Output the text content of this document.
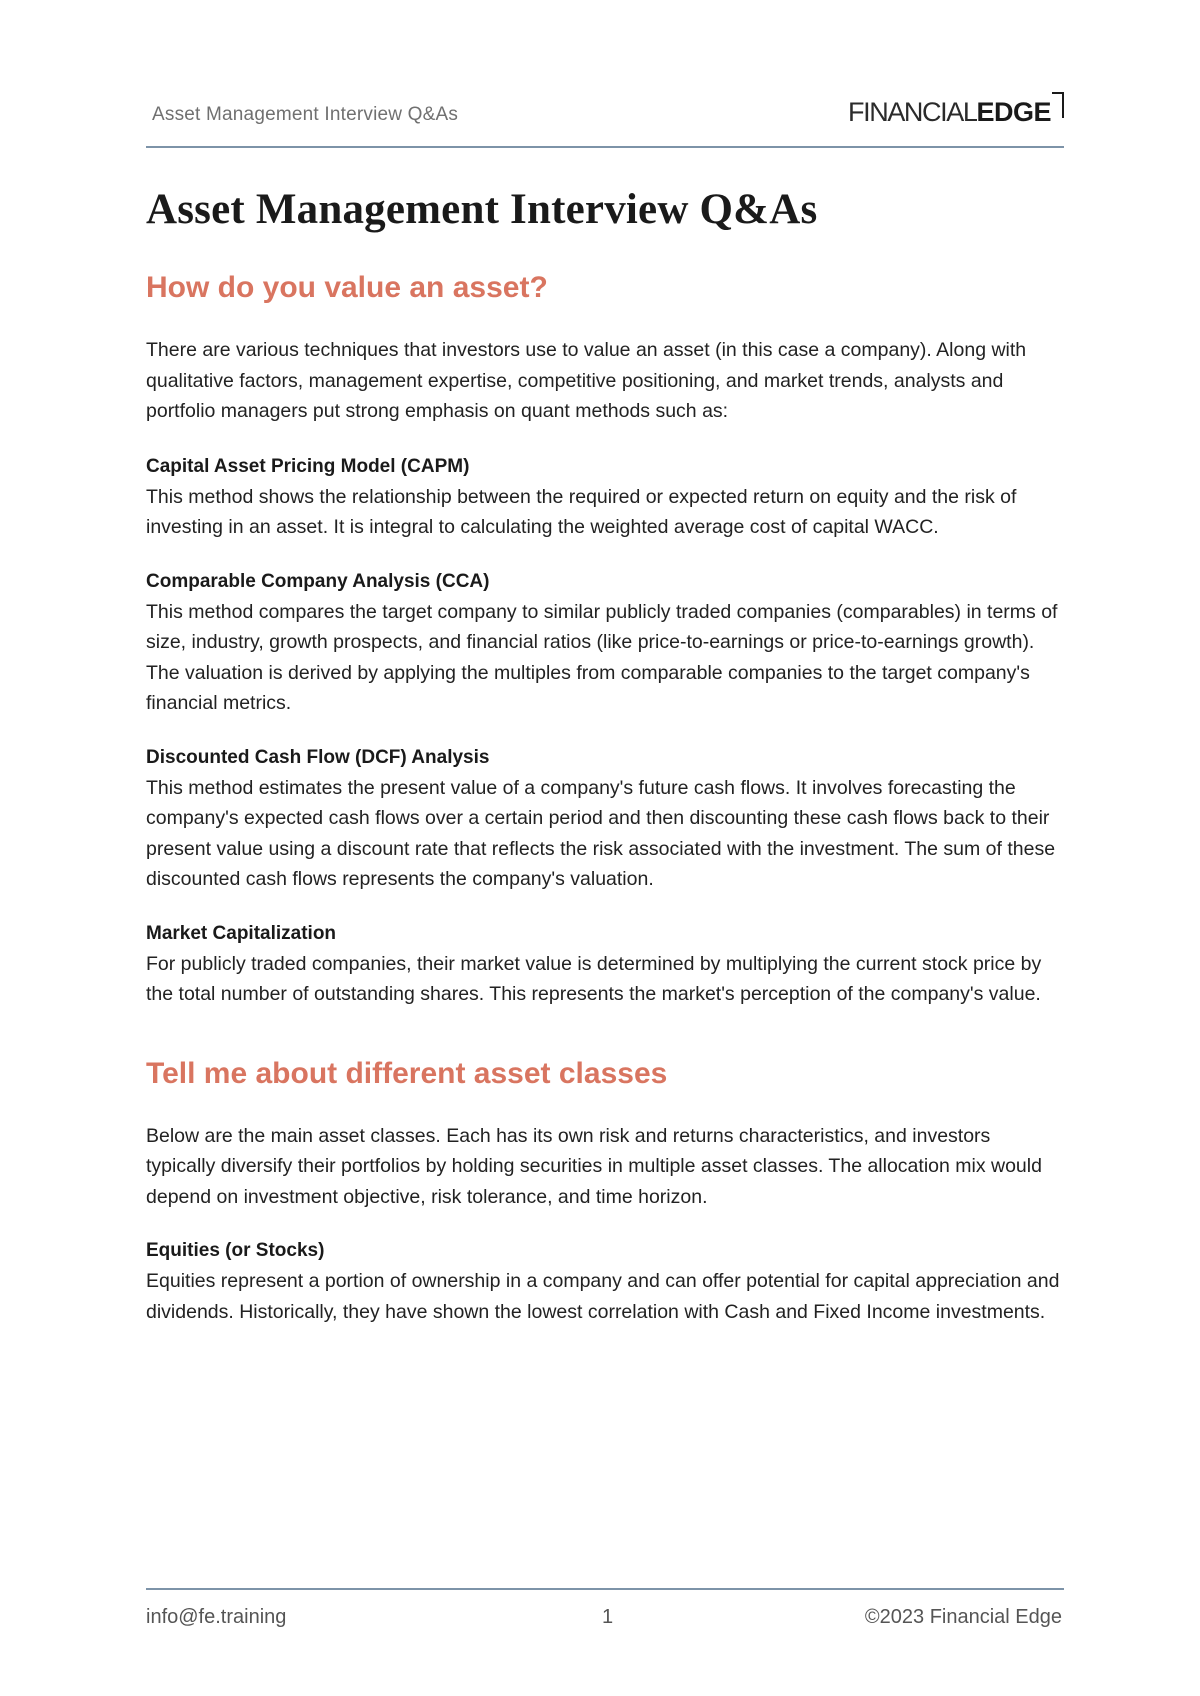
Asset Management Interview Q&As	FINANCIAL EDGE
Asset Management Interview Q&As
How do you value an asset?

There are various techniques that investors use to value an asset (in this case a company). Along with qualitative factors, management expertise, competitive positioning, and market trends, analysts and portfolio managers put strong emphasis on quant methods such as:

Capital Asset Pricing Model (CAPM)

This method shows the relationship between the required or expected return on equity and the risk of investing in an asset. It is integral to calculating the weighted average cost of capital WACC.

Comparable Company Analysis (CCA)

This method compares the target company to similar publicly traded companies (comparables) in terms of size, industry, growth prospects, and financial ratios (like price-to-earnings or price-to-earnings growth). The valuation is derived by applying the multiples from comparable companies to the target company's financial metrics.

Discounted Cash Flow (DCF) Analysis

This method estimates the present value of a company's future cash flows. It involves forecasting the company's expected cash flows over a certain period and then discounting these cash flows back to their present value using a discount rate that reflects the risk associated with the investment. The sum of these discounted cash flows represents the company's valuation.

Market Capitalization

For publicly traded companies, their market value is determined by multiplying the current stock price by the total number of outstanding shares. This represents the market's perception of the company's value.

Tell me about different asset classes

Below are the main asset classes. Each has its own risk and returns characteristics, and investors typically diversify their portfolios by holding securities in multiple asset classes. The allocation mix would depend on investment objective, risk tolerance, and time horizon.

Equities (or Stocks)

Equities represent a portion of ownership in a company and can offer potential for capital appreciation and dividends. Historically, they have shown the lowest correlation with Cash and Fixed Income investments.

info@fe.training	1	©2023 Financial Edge
